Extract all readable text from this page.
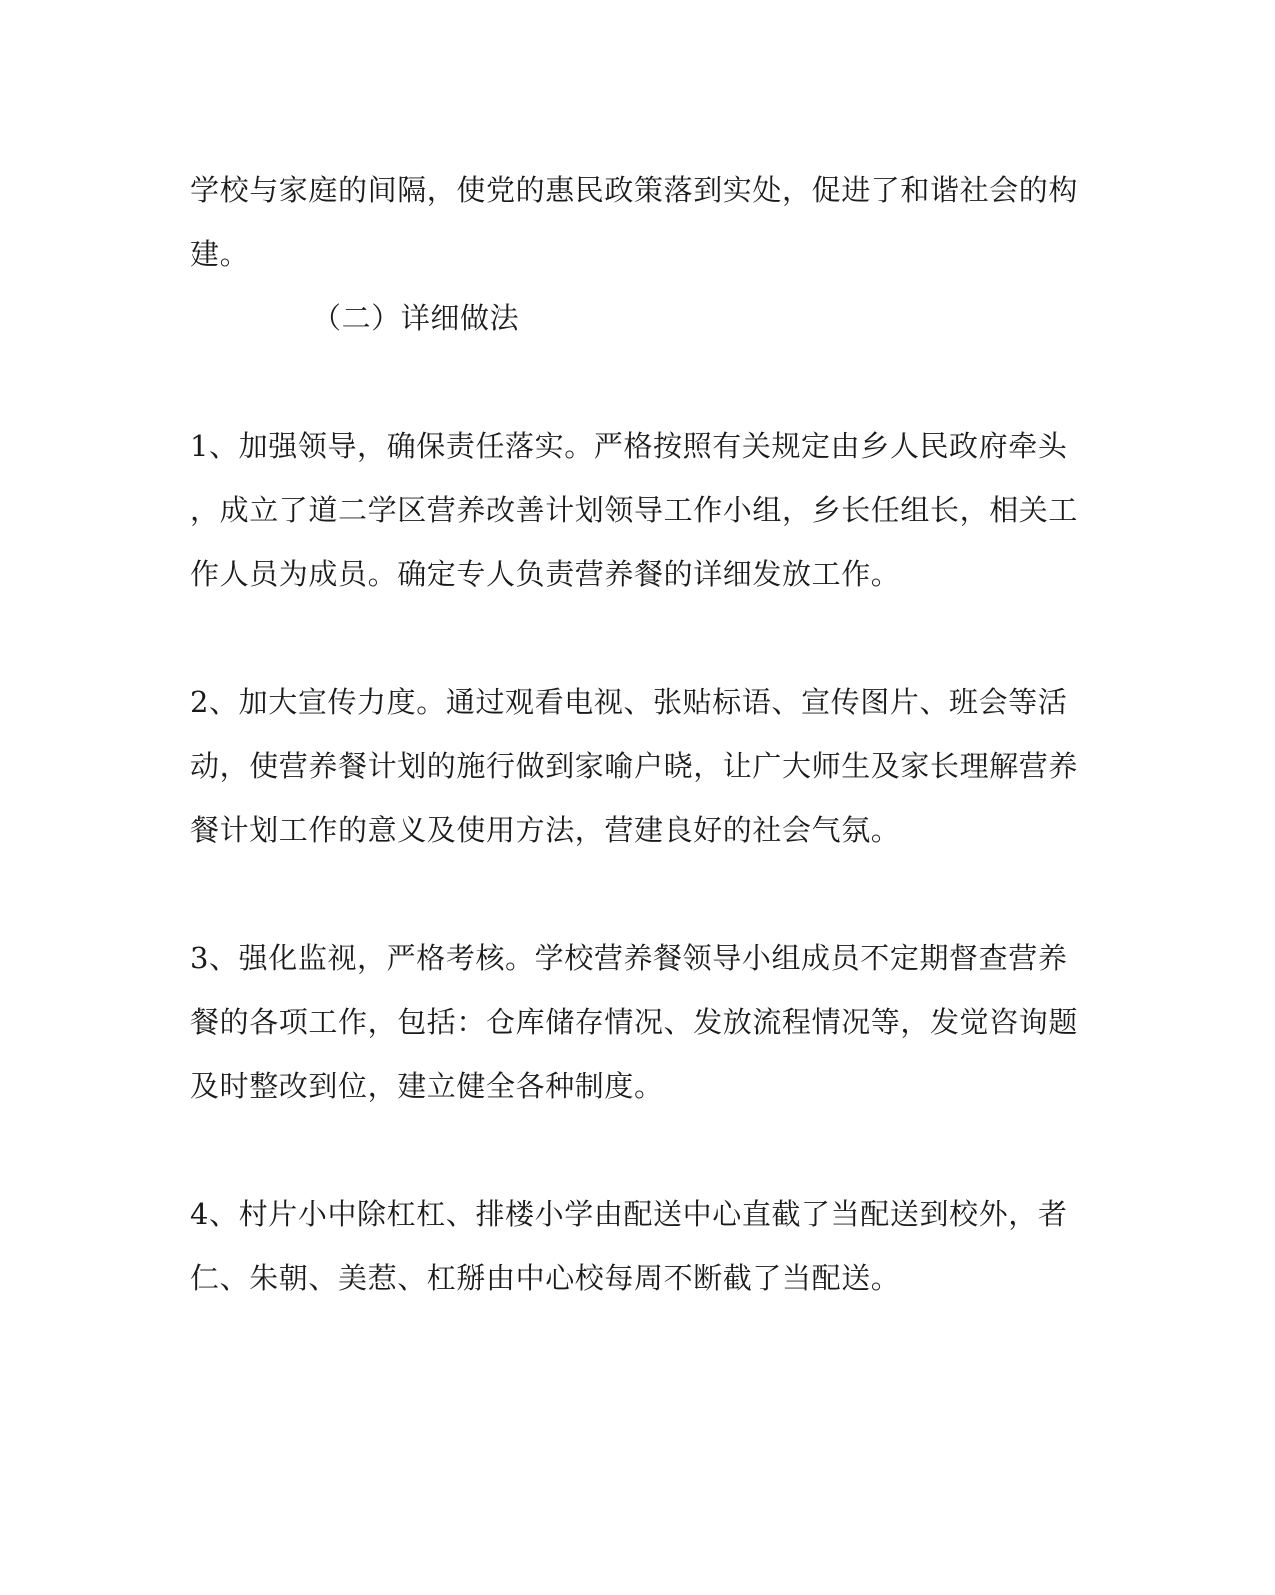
学校与家庭的间隔，使党的惠民政策落到实处，促进了和谐社会的构
建。
（二）详细做法
1、加强领导，确保责任落实。严格按照有关规定由乡人民政府牵头
，成立了道二学区营养改善计划领导工作小组，乡长任组长，相关工
作人员为成员。确定专人负责营养餐的详细发放工作。
2、加大宣传力度。通过观看电视、张贴标语、宣传图片、班会等活
动，使营养餐计划的施行做到家喻户晓，让广大师生及家长理解营养
餐计划工作的意义及使用方法，营建良好的社会气氛。
3、强化监视，严格考核。学校营养餐领导小组成员不定期督查营养
餐的各项工作，包括：仓库储存情况、发放流程情况等，发觉咨询题
及时整改到位，建立健全各种制度。
4、村片小中除杠杠、排楼小学由配送中心直截了当配送到校外，者
仁、朱朝、美惹、杠掰由中心校每周不断截了当配送。
